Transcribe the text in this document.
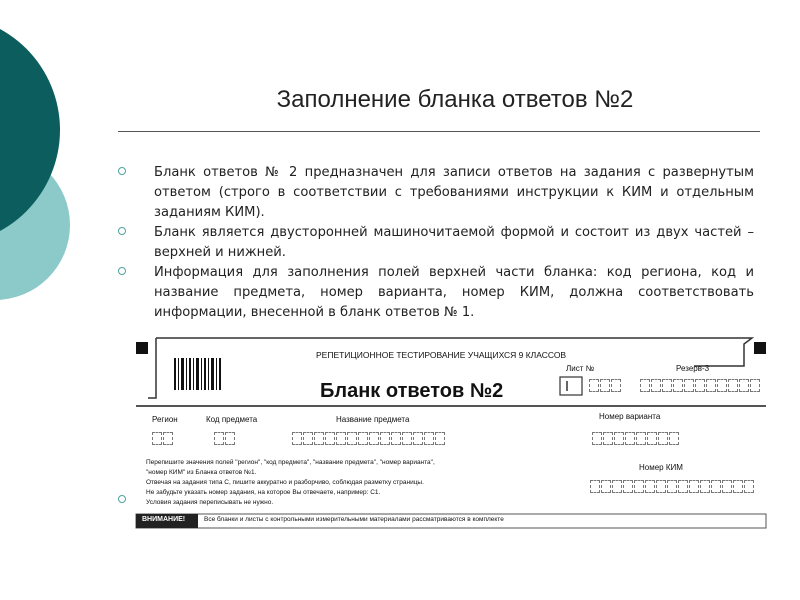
Заполнение бланка ответов №2
Бланк ответов № 2 предназначен для записи ответов на задания с развернутым ответом (строго в соответствии с требованиями инструкции к КИМ и отдельным заданиям КИМ).
Бланк является двусторонней машиночитаемой формой и состоит из двух частей –верхней и нижней.
Информация для заполнения полей верхней части бланка: код региона, код и название предмета, номер варианта, номер КИМ, должна соответствовать информации, внесенной в бланк ответов № 1.
РЕПЕТИЦИОННОЕ ТЕСТИРОВАНИЕ УЧАЩИХСЯ 9 КЛАССОВ
Бланк ответов №2
Лист №	Резерв-3
Регион	Код предмета	Название предмета	Номер варианта
Номер КИМ
Перепишите значения полей "регион", "код предмета", "название предмета", "номер варианта",
"номер КИМ" из Бланка ответов №1.
Отвечая на задания типа С, пишите аккуратно и разборчиво, соблюдая разметку страницы.
Не забудьте указать номер задания, на которое Вы отвечаете, например: С1.
Условия задания переписывать не нужно.
ВНИМАНИЕ!	Все бланки и листы с контрольными измерительными материалами рассматриваются в комплекте
